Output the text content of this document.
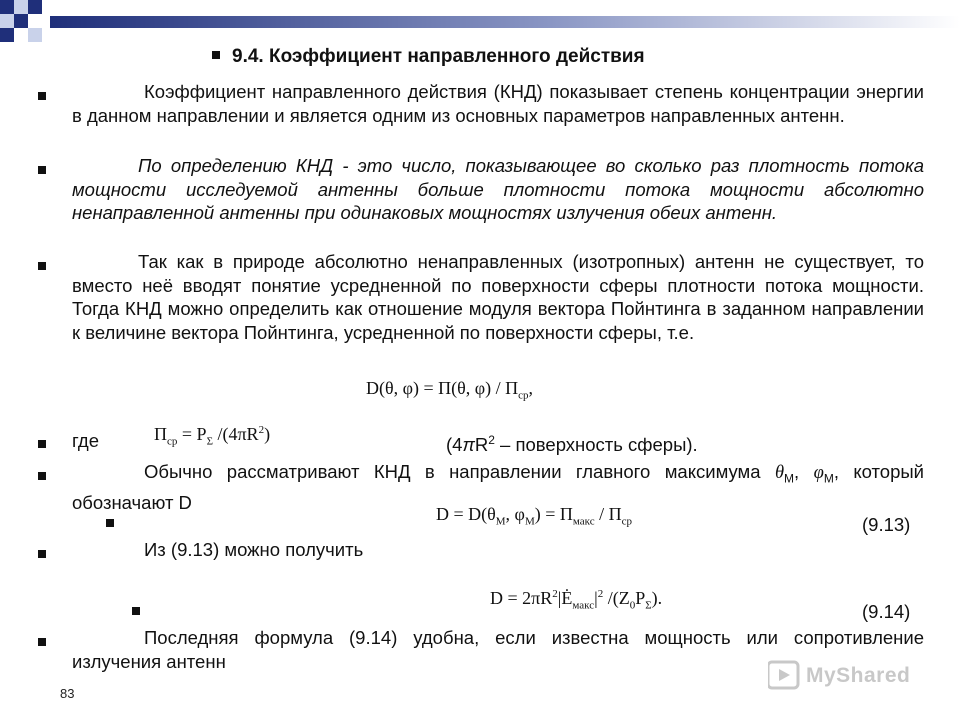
9.4. Коэффициент направленного действия
Коэффициент направленного действия (КНД) показывает степень концентрации энергии в данном направлении и является одним из основных параметров направленных антенн.
По определению КНД - это число, показывающее во сколько раз плотность потока мощности исследуемой антенны больше плотности потока мощности абсолютно ненаправленной антенны при одинаковых мощностях излучения обеих антенн.
Так как в природе абсолютно ненаправленных (изотропных) антенн не существует, то вместо неё вводят понятие усредненной по поверхности сферы плотности потока мощности. Тогда КНД можно определить как отношение модуля вектора Пойнтинга в заданном направлении к величине вектора Пойнтинга, усредненной по поверхности сферы, т.е.
D(θ, φ) = Π(θ, $\varphi) / \Pi_{ср}$,
где	$\Pi_{ср} = P_\Sigma$ $/(4\pi R^2)$
($4\pi R^2$ – поверхность сферы).
Обычно рассматривают КНД в направлении главного максимума $\theta_M$, $\varphi_M$, который обозначают D
$D = D(\theta_M$, $\varphi_M) = \Pi_{макс} / \Pi_{ср}$	(9.13)
Из (9.13) можно получить
$D = 2\pi R^2|Ė_{макс}|^2$ $/(Z_0P_\Sigma)$.
(9.14)
Последняя формула (9.14) удобна, если известна мощность или сопротивление излучения антенн
83
MyShared
